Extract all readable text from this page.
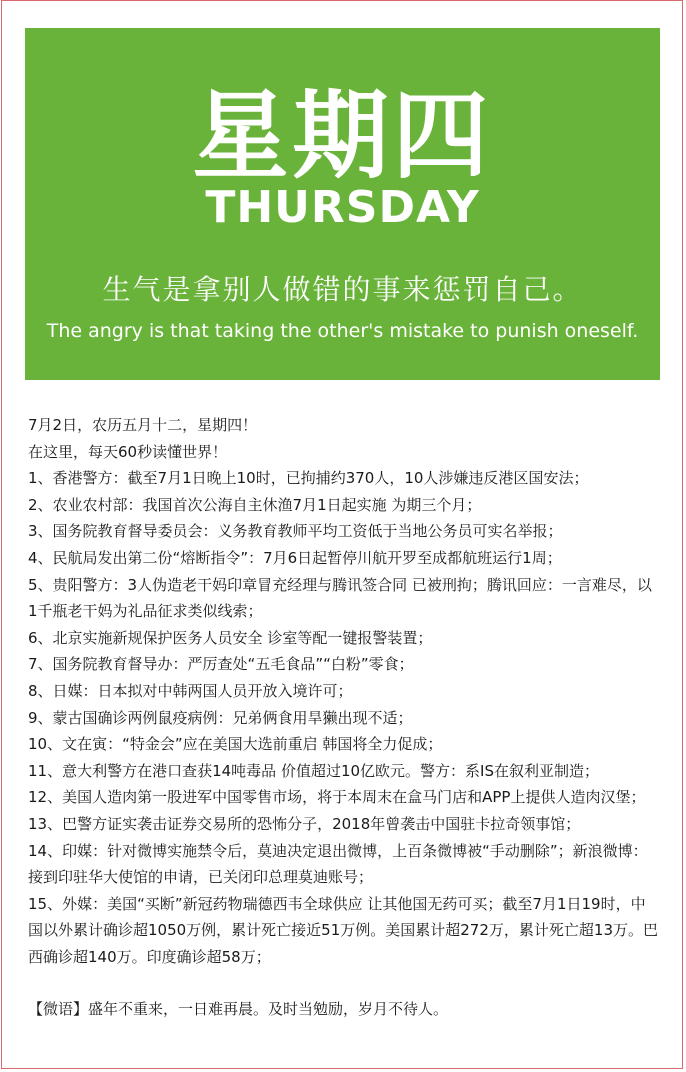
星期四
THURSDAY
生气是拿别人做错的事来惩罚自己。
The angry is that taking the other's mistake to punish oneself.

7月2日，农历五月十二，星期四！

在这里，每天60秒读懂世界！

1、香港警方：截至7月1日晚上10时，已拘捕约370人，10人涉嫌违反港区国安法；

2、农业农村部：我国首次公海自主休渔7月1日起实施 为期三个月；

3、国务院教育督导委员会：义务教育教师平均工资低于当地公务员可实名举报；

4、民航局发出第二份“熔断指令”：7月6日起暂停川航开罗至成都航班运行1周；

5、贵阳警方：3人伪造老干妈印章冒充经理与腾讯签合同 已被刑拘；腾讯回应：一言难尽，以1千瓶老干妈为礼品征求类似线索；

6、北京实施新规保护医务人员安全 诊室等配一键报警装置；

7、国务院教育督导办：严厉查处“五毛食品”“白粉”零食；

8、日媒：日本拟对中韩两国人员开放入境许可；

9、蒙古国确诊两例鼠疫病例：兄弟俩食用旱獭出现不适；

10、文在寅：“特金会”应在美国大选前重启 韩国将全力促成；

11、意大利警方在港口查获14吨毒品 价值超过10亿欧元。警方：系IS在叙利亚制造；

12、美国人造肉第一股进军中国零售市场，将于本周末在盒马门店和APP上提供人造肉汉堡；

13、巴警方证实袭击证券交易所的恐怖分子，2018年曾袭击中国驻卡拉奇领事馆；

14、印媒：针对微博实施禁令后，莫迪决定退出微博，上百条微博被“手动删除”；新浪微博：接到印驻华大使馆的申请，已关闭印总理莫迪账号；

15、外媒：美国“买断”新冠药物瑞德西韦全球供应 让其他国无药可买；截至7月1日19时，中国以外累计确诊超1050万例，累计死亡接近51万例。美国累计超272万，累计死亡超13万。巴西确诊超140万。印度确诊超58万；

【微语】盛年不重来，一日难再晨。及时当勉励，岁月不待人。
